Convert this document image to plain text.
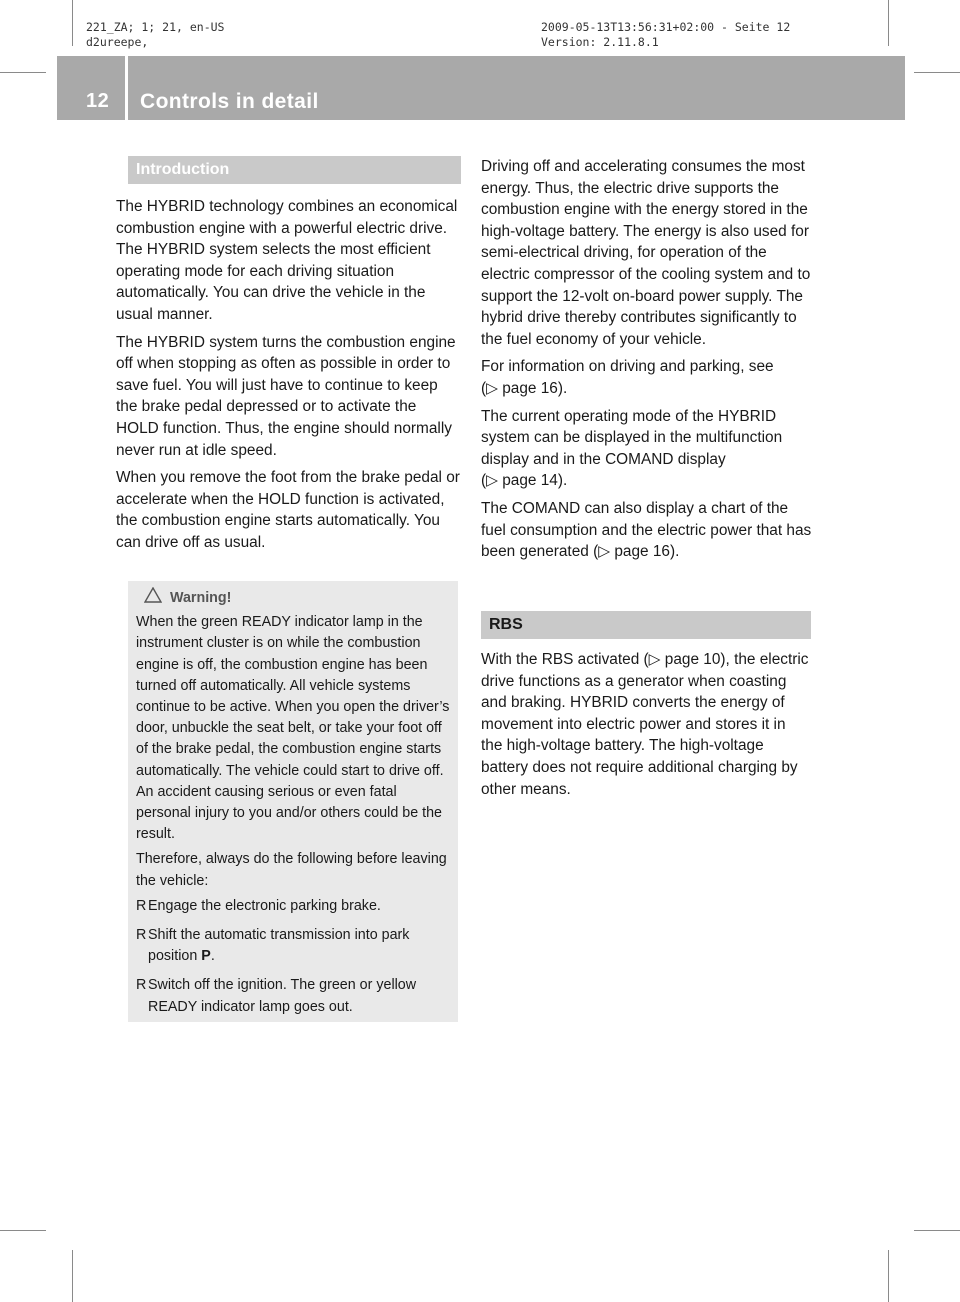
221_ZA; 1; 21, en-US
d2ureepe,
2009-05-13T13:56:31+02:00 - Seite 12
Version: 2.11.8.1
12 Controls in detail
Introduction

The HYBRID technology combines an economical combustion engine with a powerful electric drive. The HYBRID system selects the most efficient operating mode for each driving situation automatically. You can drive the vehicle in the usual manner.

The HYBRID system turns the combustion engine off when stopping as often as possible in order to save fuel. You will just have to continue to keep the brake pedal depressed or to activate the HOLD function. Thus, the engine should normally never run at idle speed.

When you remove the foot from the brake pedal or accelerate when the HOLD function is activated, the combustion engine starts automatically. You can drive off as usual.

Warning!

When the green READY indicator lamp in the instrument cluster is on while the combustion engine is off, the combustion engine has been turned off automatically. All vehicle systems continue to be active. When you open the driver’s door, unbuckle the seat belt, or take your foot off of the brake pedal, the combustion engine starts automatically. The vehicle could start to drive off. An accident causing serious or even fatal personal injury to you and/or others could be the result.

Therefore, always do the following before leaving the vehicle:

R Engage the electronic parking brake.
R Shift the automatic transmission into park position P.
R Switch off the ignition. The green or yellow READY indicator lamp goes out.

Driving off and accelerating consumes the most energy. Thus, the electric drive supports the combustion engine with the energy stored in the high-voltage battery. The energy is also used for semi-electrical driving, for operation of the electric compressor of the cooling system and to support the 12-volt on-board power supply. The hybrid drive thereby contributes significantly to the fuel economy of your vehicle.

For information on driving and parking, see
(▷ page 16).

The current operating mode of the HYBRID system can be displayed in the multifunction display and in the COMAND display
(▷ page 14).

The COMAND can also display a chart of the fuel consumption and the electric power that has been generated (▷ page 16).

RBS

With the RBS activated (▷ page 10), the electric drive functions as a generator when coasting and braking. HYBRID converts the energy of movement into electric power and stores it in the high-voltage battery. The high-voltage battery does not require additional charging by other means.
